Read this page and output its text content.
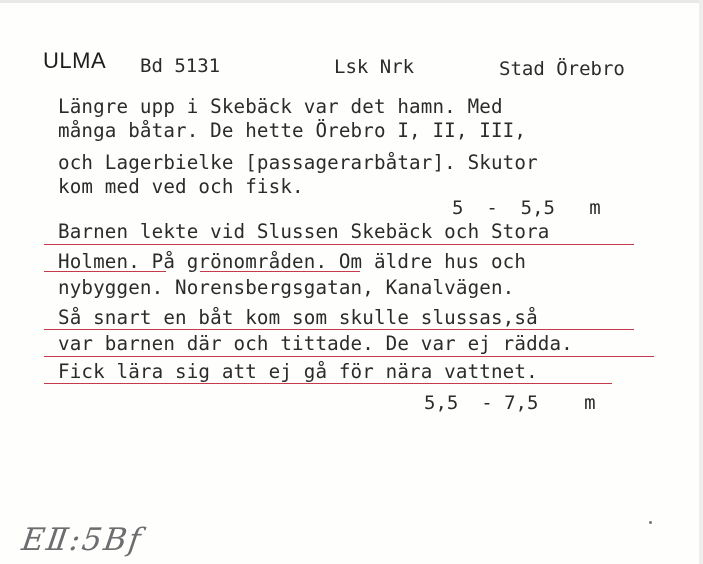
ULMA Bd 5131	Lsk Nrk	Stad Örebro
Längre upp i Skebäck var det hamn. Med
många båtar. De hette Örebro I, II, III,
och Lagerbielke [passagerarbåtar]. Skutor
kom med ved och fisk.
5  -  5,5   m
Barnen lekte vid Slussen Skebäck och Stora
Holmen. På grönområden. Om äldre hus och
nybyggen. Norensbergsgatan, Kanalvägen.
Så snart en båt kom som skulle slussas,så
var barnen där och tittade. De var ej rädda.
Fick lära sig att ej gå för nära vattnet.
5,5  - 7,5    m
EⅡ:5Bf
